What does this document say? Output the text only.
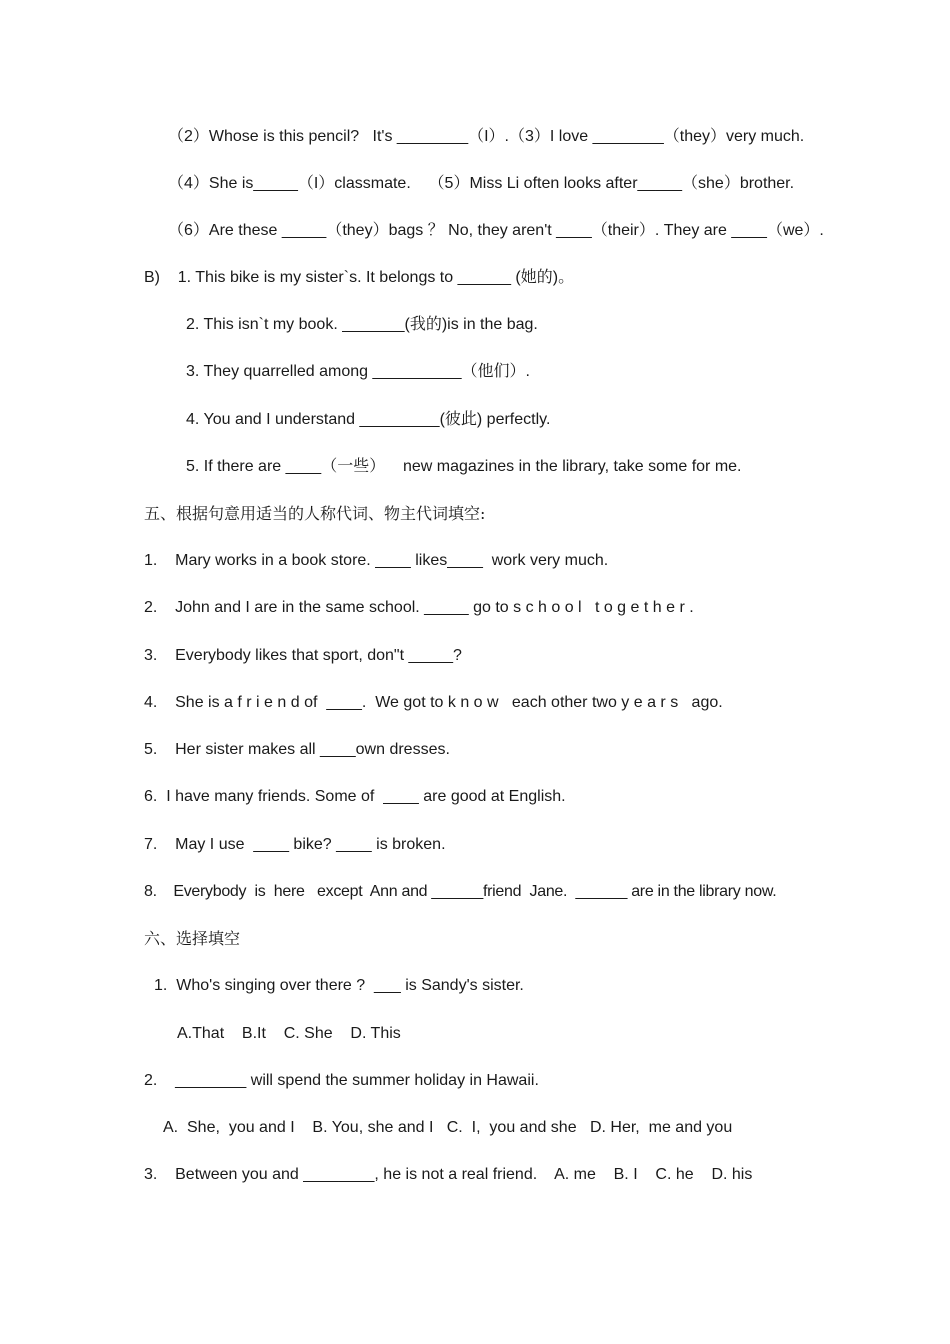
（2）Whose is this pencil?   It's ________（I）.（3）I love ________（they）very much.
（4）She is_____（I）classmate.    （5）Miss Li often looks after_____（she）brother.
（6）Are these _____（they）bags ？ No, they aren't ____（their）. They are ____（we）.
B)    1. This bike is my sister`s. It belongs to ______ (她的)。
2. This isn`t my book. _______(我的)is in the bag.
3. They quarrelled among __________（他们）.
4. You and I understand _________(彼此) perfectly.
5. If there are ____（一些）    new magazines in the library, take some for me.
五、根据句意用适当的人称代词、物主代词填空:
1.    Mary works in a book store. ____ likes____  work very much.
2.    John and I are in the same school. _____ go to s c h o o l   t o g e t h e r .
3.    Everybody likes that sport, don"t _____?
4.    She is a f r i e n d of  ____.  We got to k n o w   each other two y e a r s   ago.
5.    Her sister makes all ____own dresses.
6.  I have many friends. Some of  ____ are good at English.
7.    May I use  ____ bike? ____ is broken.
8.    Everybody  is  here   except  Ann and ______friend  Jane.  ______ are in the library now.
六、选择填空
1.  Who's singing over there ?  ___ is Sandy's sister.
A.That    B.It    C. She    D. This
2.    ________ will spend the summer holiday in Hawaii.
A.  She,  you and I    B. You, she and I   C.  I,  you and she   D. Her,  me and you
3.    Between you and ________, he is not a real friend.    A. me    B. I    C. he    D. his
